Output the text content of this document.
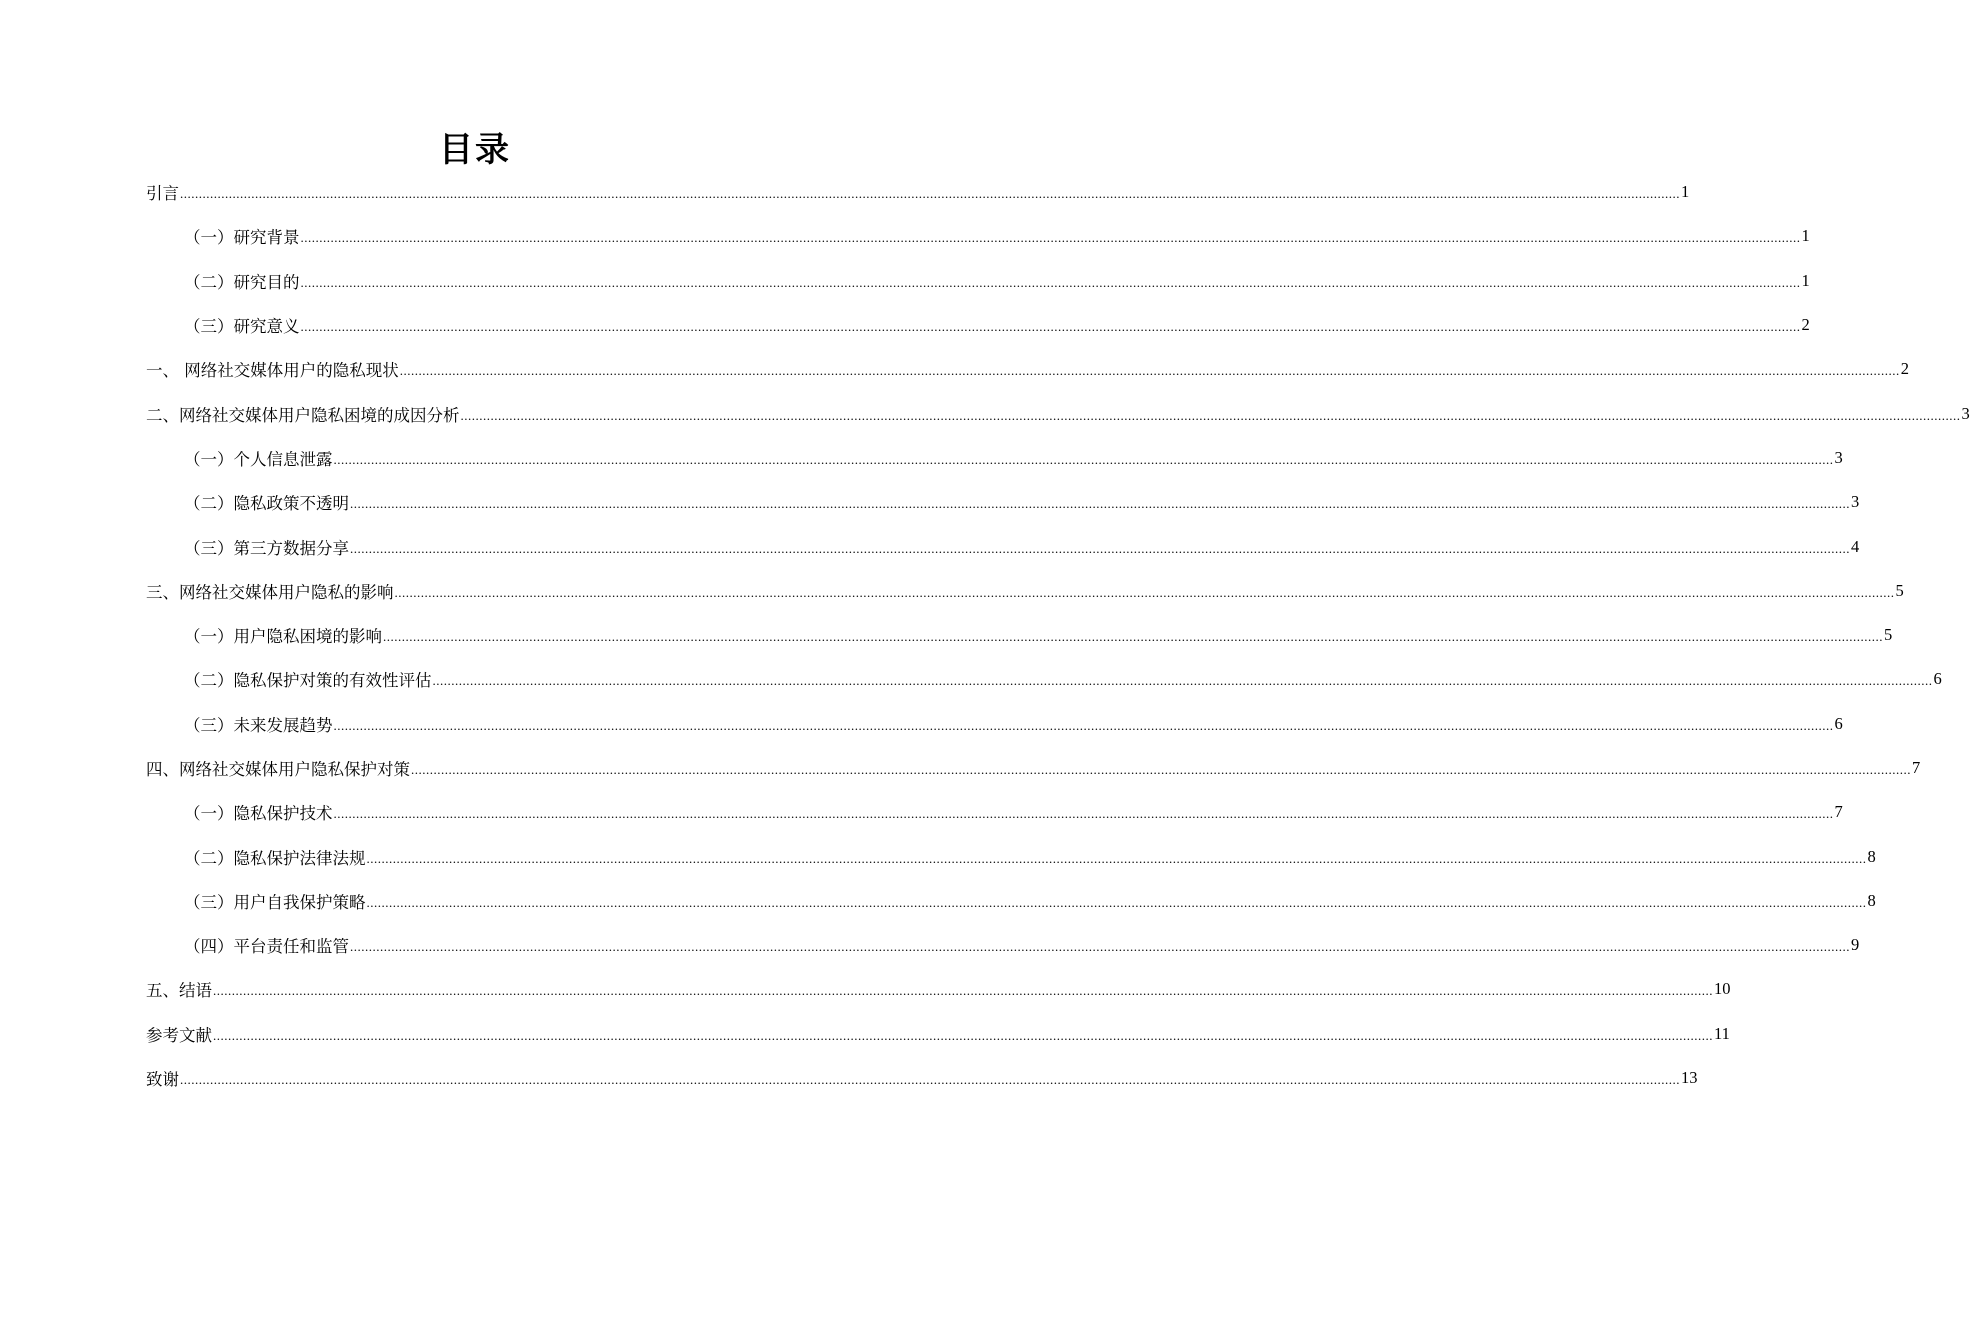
目录
引言 ................................................................................................................................................................................................................................................................................................................................................................................................................ 1
（一）研究背景 ................................................................................................................................................................................................................................................................................................................................................................................................................ 1
（二）研究目的 ................................................................................................................................................................................................................................................................................................................................................................................................................ 1
（三）研究意义 ................................................................................................................................................................................................................................................................................................................................................................................................................ 2
一、 网络社交媒体用户的隐私现状 ................................................................................................................................................................................................................................................................................................................................................................................................................ 2
二、网络社交媒体用户隐私困境的成因分析 ................................................................................................................................................................................................................................................................................................................................................................................................................ 3
（一）个人信息泄露 ................................................................................................................................................................................................................................................................................................................................................................................................................ 3
（二）隐私政策不透明 ................................................................................................................................................................................................................................................................................................................................................................................................................ 3
（三）第三方数据分享 ................................................................................................................................................................................................................................................................................................................................................................................................................ 4
三、网络社交媒体用户隐私的影响 ................................................................................................................................................................................................................................................................................................................................................................................................................ 5
（一）用户隐私困境的影响 ................................................................................................................................................................................................................................................................................................................................................................................................................ 5
（二）隐私保护对策的有效性评估 ................................................................................................................................................................................................................................................................................................................................................................................................................ 6
（三）未来发展趋势 ................................................................................................................................................................................................................................................................................................................................................................................................................ 6
四、网络社交媒体用户隐私保护对策 ................................................................................................................................................................................................................................................................................................................................................................................................................ 7
（一）隐私保护技术 ................................................................................................................................................................................................................................................................................................................................................................................................................ 7
（二）隐私保护法律法规 ................................................................................................................................................................................................................................................................................................................................................................................................................ 8
（三）用户自我保护策略 ................................................................................................................................................................................................................................................................................................................................................................................................................ 8
（四）平台责任和监管 ................................................................................................................................................................................................................................................................................................................................................................................................................ 9
五、结语 ................................................................................................................................................................................................................................................................................................................................................................................................................ 10
参考文献 ................................................................................................................................................................................................................................................................................................................................................................................................................ 11
致谢 ................................................................................................................................................................................................................................................................................................................................................................................................................ 13
